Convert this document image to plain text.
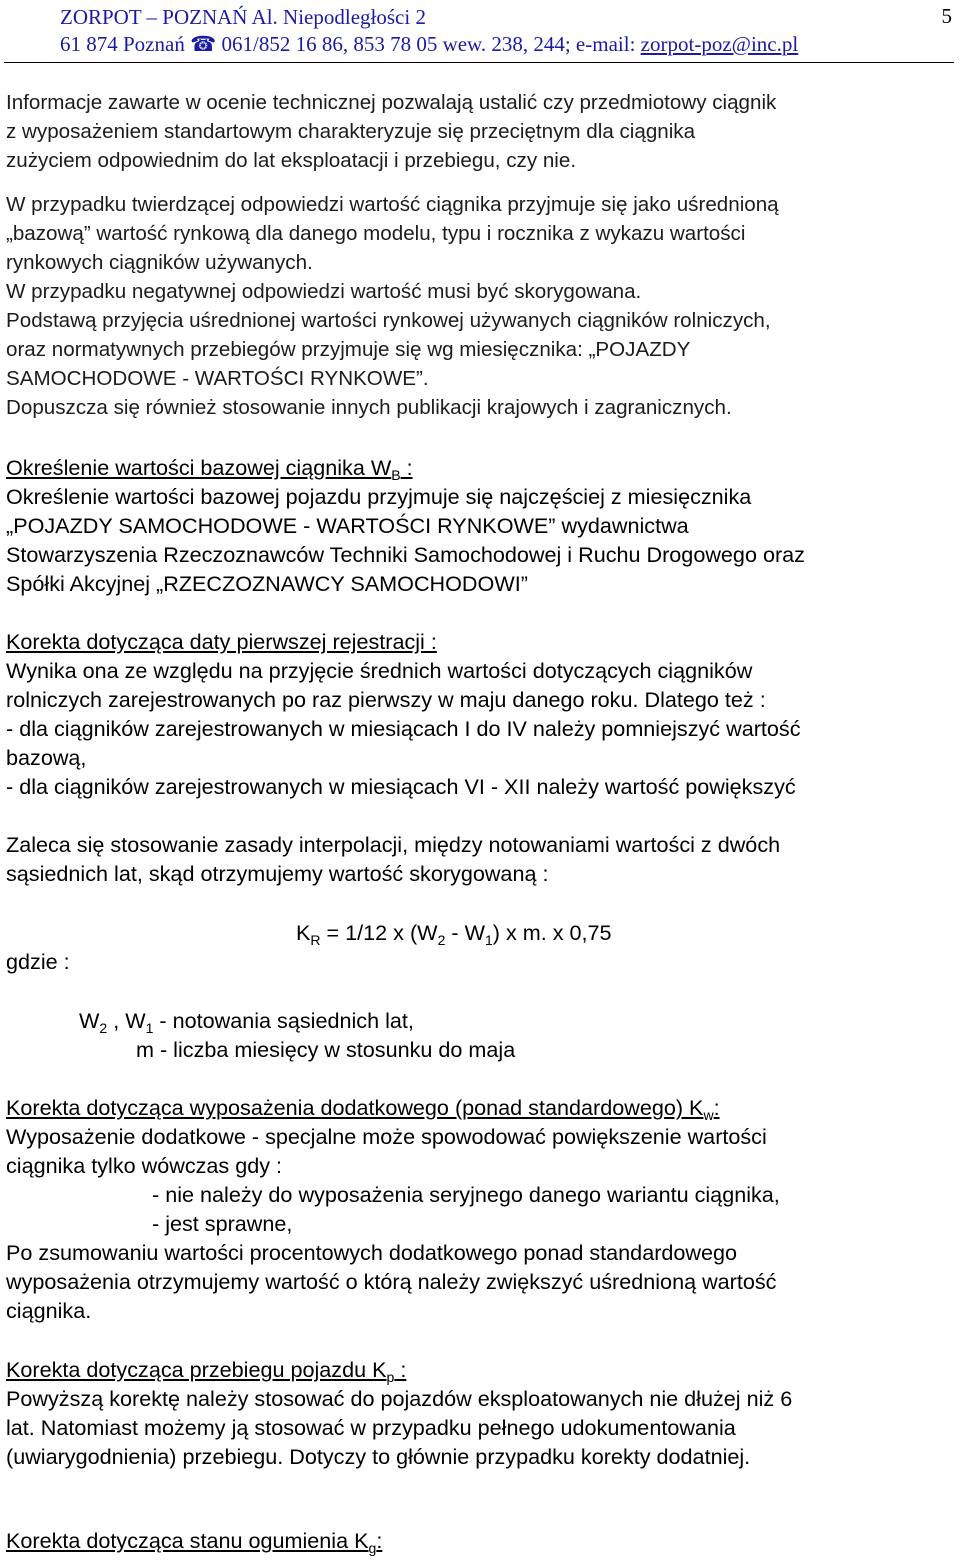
ZORPOT – POZNAŃ Al. Niepodległości 2
61 874 Poznań ☎ 061/852 16 86, 853 78 05 wew. 238, 244; e-mail: zorpot-poz@inc.pl
5
Informacje zawarte w ocenie technicznej pozwalają ustalić czy przedmiotowy ciągnik
z wyposażeniem standartowym charakteryzuje się przeciętnym dla ciągnika
zużyciem odpowiednim do lat eksploatacji i przebiegu, czy nie.
W przypadku twierdzącej odpowiedzi wartość ciągnika przyjmuje się jako uśrednioną
„bazową” wartość rynkową dla danego modelu, typu i rocznika z wykazu wartości
rynkowych ciągników używanych.
W przypadku negatywnej odpowiedzi wartość musi być skorygowana.
Podstawą przyjęcia uśrednionej wartości rynkowej używanych ciągników rolniczych,
oraz normatywnych przebiegów przyjmuje się wg miesięcznika: „POJAZDY
SAMOCHODOWE - WARTOŚCI RYNKOWE”.
Dopuszcza się również stosowanie innych publikacji krajowych i zagranicznych.
Określenie wartości bazowej ciągnika $W_B$ :
Określenie wartości bazowej pojazdu przyjmuje się najczęściej z miesięcznika
„POJAZDY SAMOCHODOWE - WARTOŚCI RYNKOWE” wydawnictwa
Stowarzyszenia Rzeczoznawców Techniki Samochodowej i Ruchu Drogowego oraz
Spółki Akcyjnej „RZECZOZNAWCY SAMOCHODOWI”
Korekta dotycząca daty pierwszej rejestracji :
Wynika ona ze względu na przyjęcie średnich wartości dotyczących ciągników
rolniczych zarejestrowanych po raz pierwszy w maju danego roku. Dlatego też :
- dla ciągników zarejestrowanych w miesiącach I do IV należy pomniejszyć wartość
bazową,
- dla ciągników zarejestrowanych w miesiącach VI - XII należy wartość powiększyć
Zaleca się stosowanie zasady interpolacji, między notowaniami wartości z dwóch
sąsiednich lat, skąd otrzymujemy wartość skorygowaną :
$K_R = 1/12$ x $(W_2 - W_1)$ x m. x 0,75
gdzie :
$W_2$ , $W_1$ - notowania sąsiednich lat,
m - liczba miesięcy w stosunku do maja
Korekta dotycząca wyposażenia dodatkowego (ponad standardowego) $K_w$:
Wyposażenie dodatkowe - specjalne może spowodować powiększenie wartości
ciągnika tylko wówczas gdy :
- nie należy do wyposażenia seryjnego danego wariantu ciągnika,
- jest sprawne,
Po zsumowaniu wartości procentowych dodatkowego ponad standardowego
wyposażenia otrzymujemy wartość o którą należy zwiększyć uśrednioną wartość
ciągnika.
Korekta dotycząca przebiegu pojazdu $K_p$ :
Powyższą korektę należy stosować do pojazdów eksploatowanych nie dłużej niż 6
lat. Natomiast możemy ją stosować w przypadku pełnego udokumentowania
(uwiarygodnienia) przebiegu. Dotyczy to głównie przypadku korekty dodatniej.
Korekta dotycząca stanu ogumienia $K_g$:
